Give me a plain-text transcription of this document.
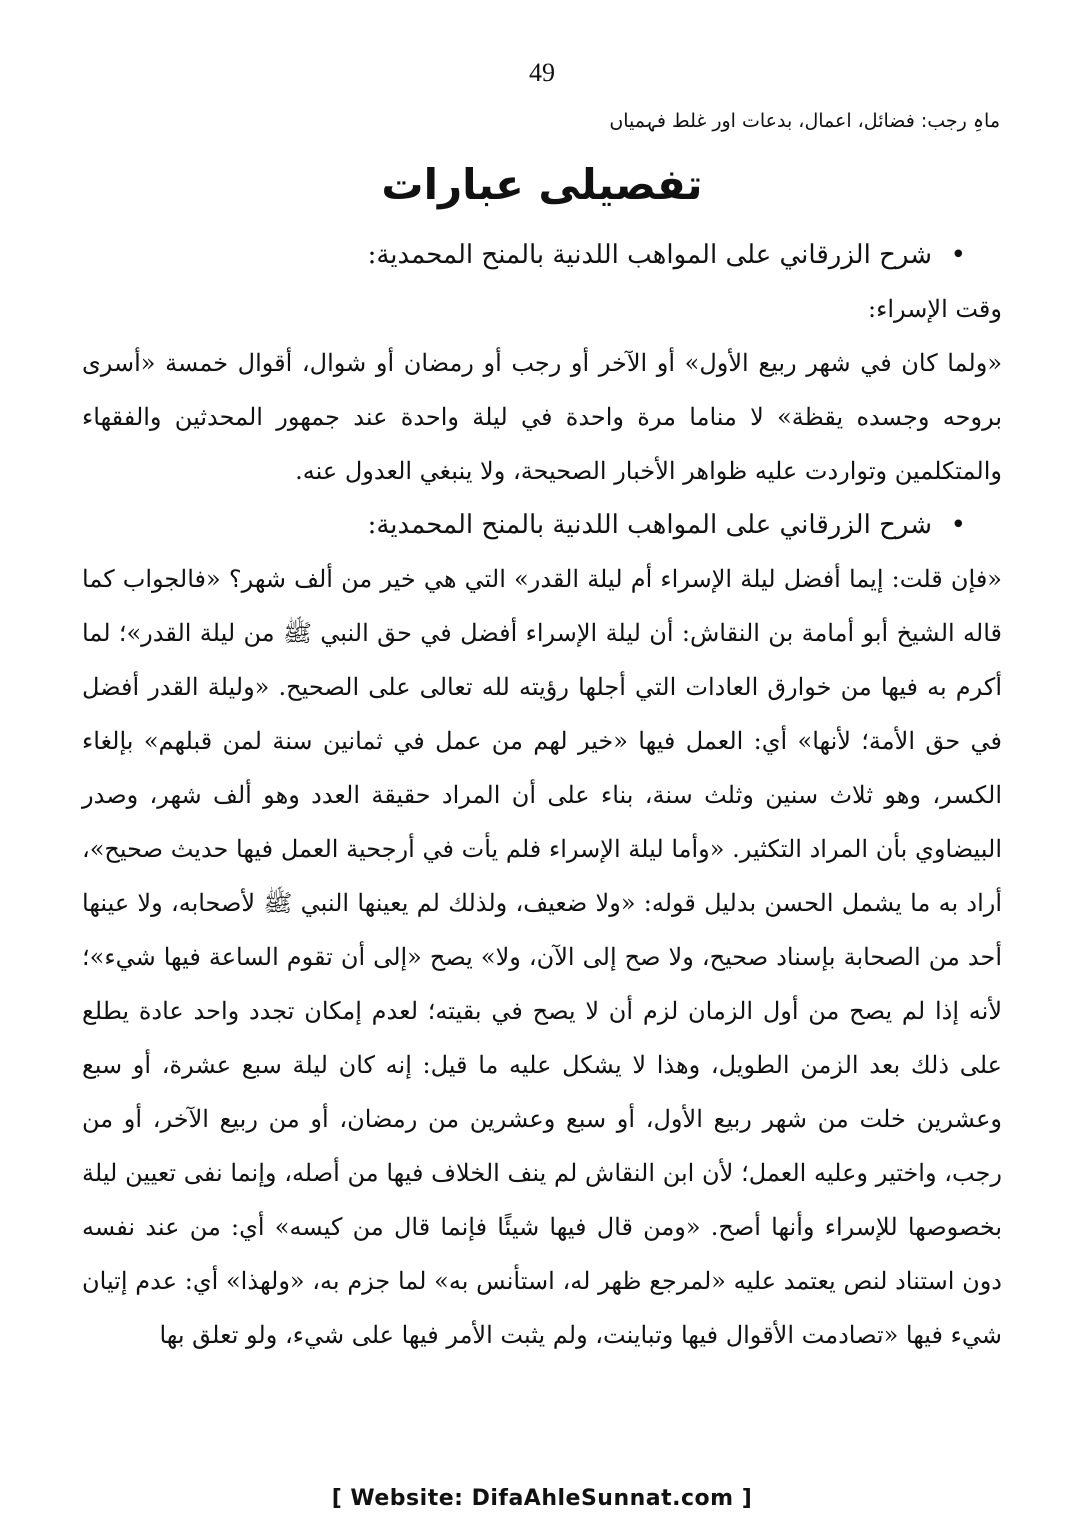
49
ماہِ رجب: فضائل، اعمال، بدعات اور غلط فہمیاں
تفصیلی عبارات

•
شرح الزرقاني على المواهب اللدنية بالمنح المحمدية:

وقت الإسراء:

«ولما كان في شهر ربيع الأول» أو الآخر أو رجب أو رمضان أو شوال، أقوال خمسة «أسرى بروحه وجسده يقظة» لا مناما مرة واحدة في ليلة واحدة عند جمهور المحدثين والفقهاء والمتكلمين وتواردت عليه ظواهر الأخبار الصحيحة، ولا ينبغي العدول عنه.

•
شرح الزرقاني على المواهب اللدنية بالمنح المحمدية:

«فإن قلت: إيما أفضل ليلة الإسراء أم ليلة القدر» التي هي خير من ألف شهر؟ «فالجواب كما قاله الشيخ أبو أمامة بن النقاش: أن ليلة الإسراء أفضل في حق النبي ﷺ من ليلة القدر»؛ لما أكرم به فيها من خوارق العادات التي أجلها رؤيته لله تعالى على الصحيح. «وليلة القدر أفضل في حق الأمة؛ لأنها» أي: العمل فيها «خير لهم من عمل في ثمانين سنة لمن قبلهم» بإلغاء الكسر، وهو ثلاث سنين وثلث سنة، بناء على أن المراد حقيقة العدد وهو ألف شهر، وصدر البيضاوي بأن المراد التكثير. «وأما ليلة الإسراء فلم يأت في أرجحية العمل فيها حديث صحيح»، أراد به ما يشمل الحسن بدليل قوله: «ولا ضعيف، ولذلك لم يعينها النبي ﷺ لأصحابه، ولا عينها أحد من الصحابة بإسناد صحيح، ولا صح إلى الآن، ولا» يصح «إلى أن تقوم الساعة فيها شيء»؛ لأنه إذا لم يصح من أول الزمان لزم أن لا يصح في بقيته؛ لعدم إمكان تجدد واحد عادة يطلع على ذلك بعد الزمن الطويل، وهذا لا يشكل عليه ما قيل: إنه كان ليلة سبع عشرة، أو سبع وعشرين خلت من شهر ربيع الأول، أو سبع وعشرين من رمضان، أو من ربيع الآخر، أو من رجب، واختير وعليه العمل؛ لأن ابن النقاش لم ينف الخلاف فيها من أصله، وإنما نفى تعيين ليلة بخصوصها للإسراء وأنها أصح. «ومن قال فيها شيئًا فإنما قال من كيسه» أي: من عند نفسه دون استناد لنص يعتمد عليه «لمرجع ظهر له، استأنس به» لما جزم به، «ولهذا» أي: عدم إتيان شيء فيها «تصادمت الأقوال فيها وتباينت، ولم يثبت الأمر فيها على شيء، ولو تعلق بها

[ Website: DifaAhleSunnat.com ]
